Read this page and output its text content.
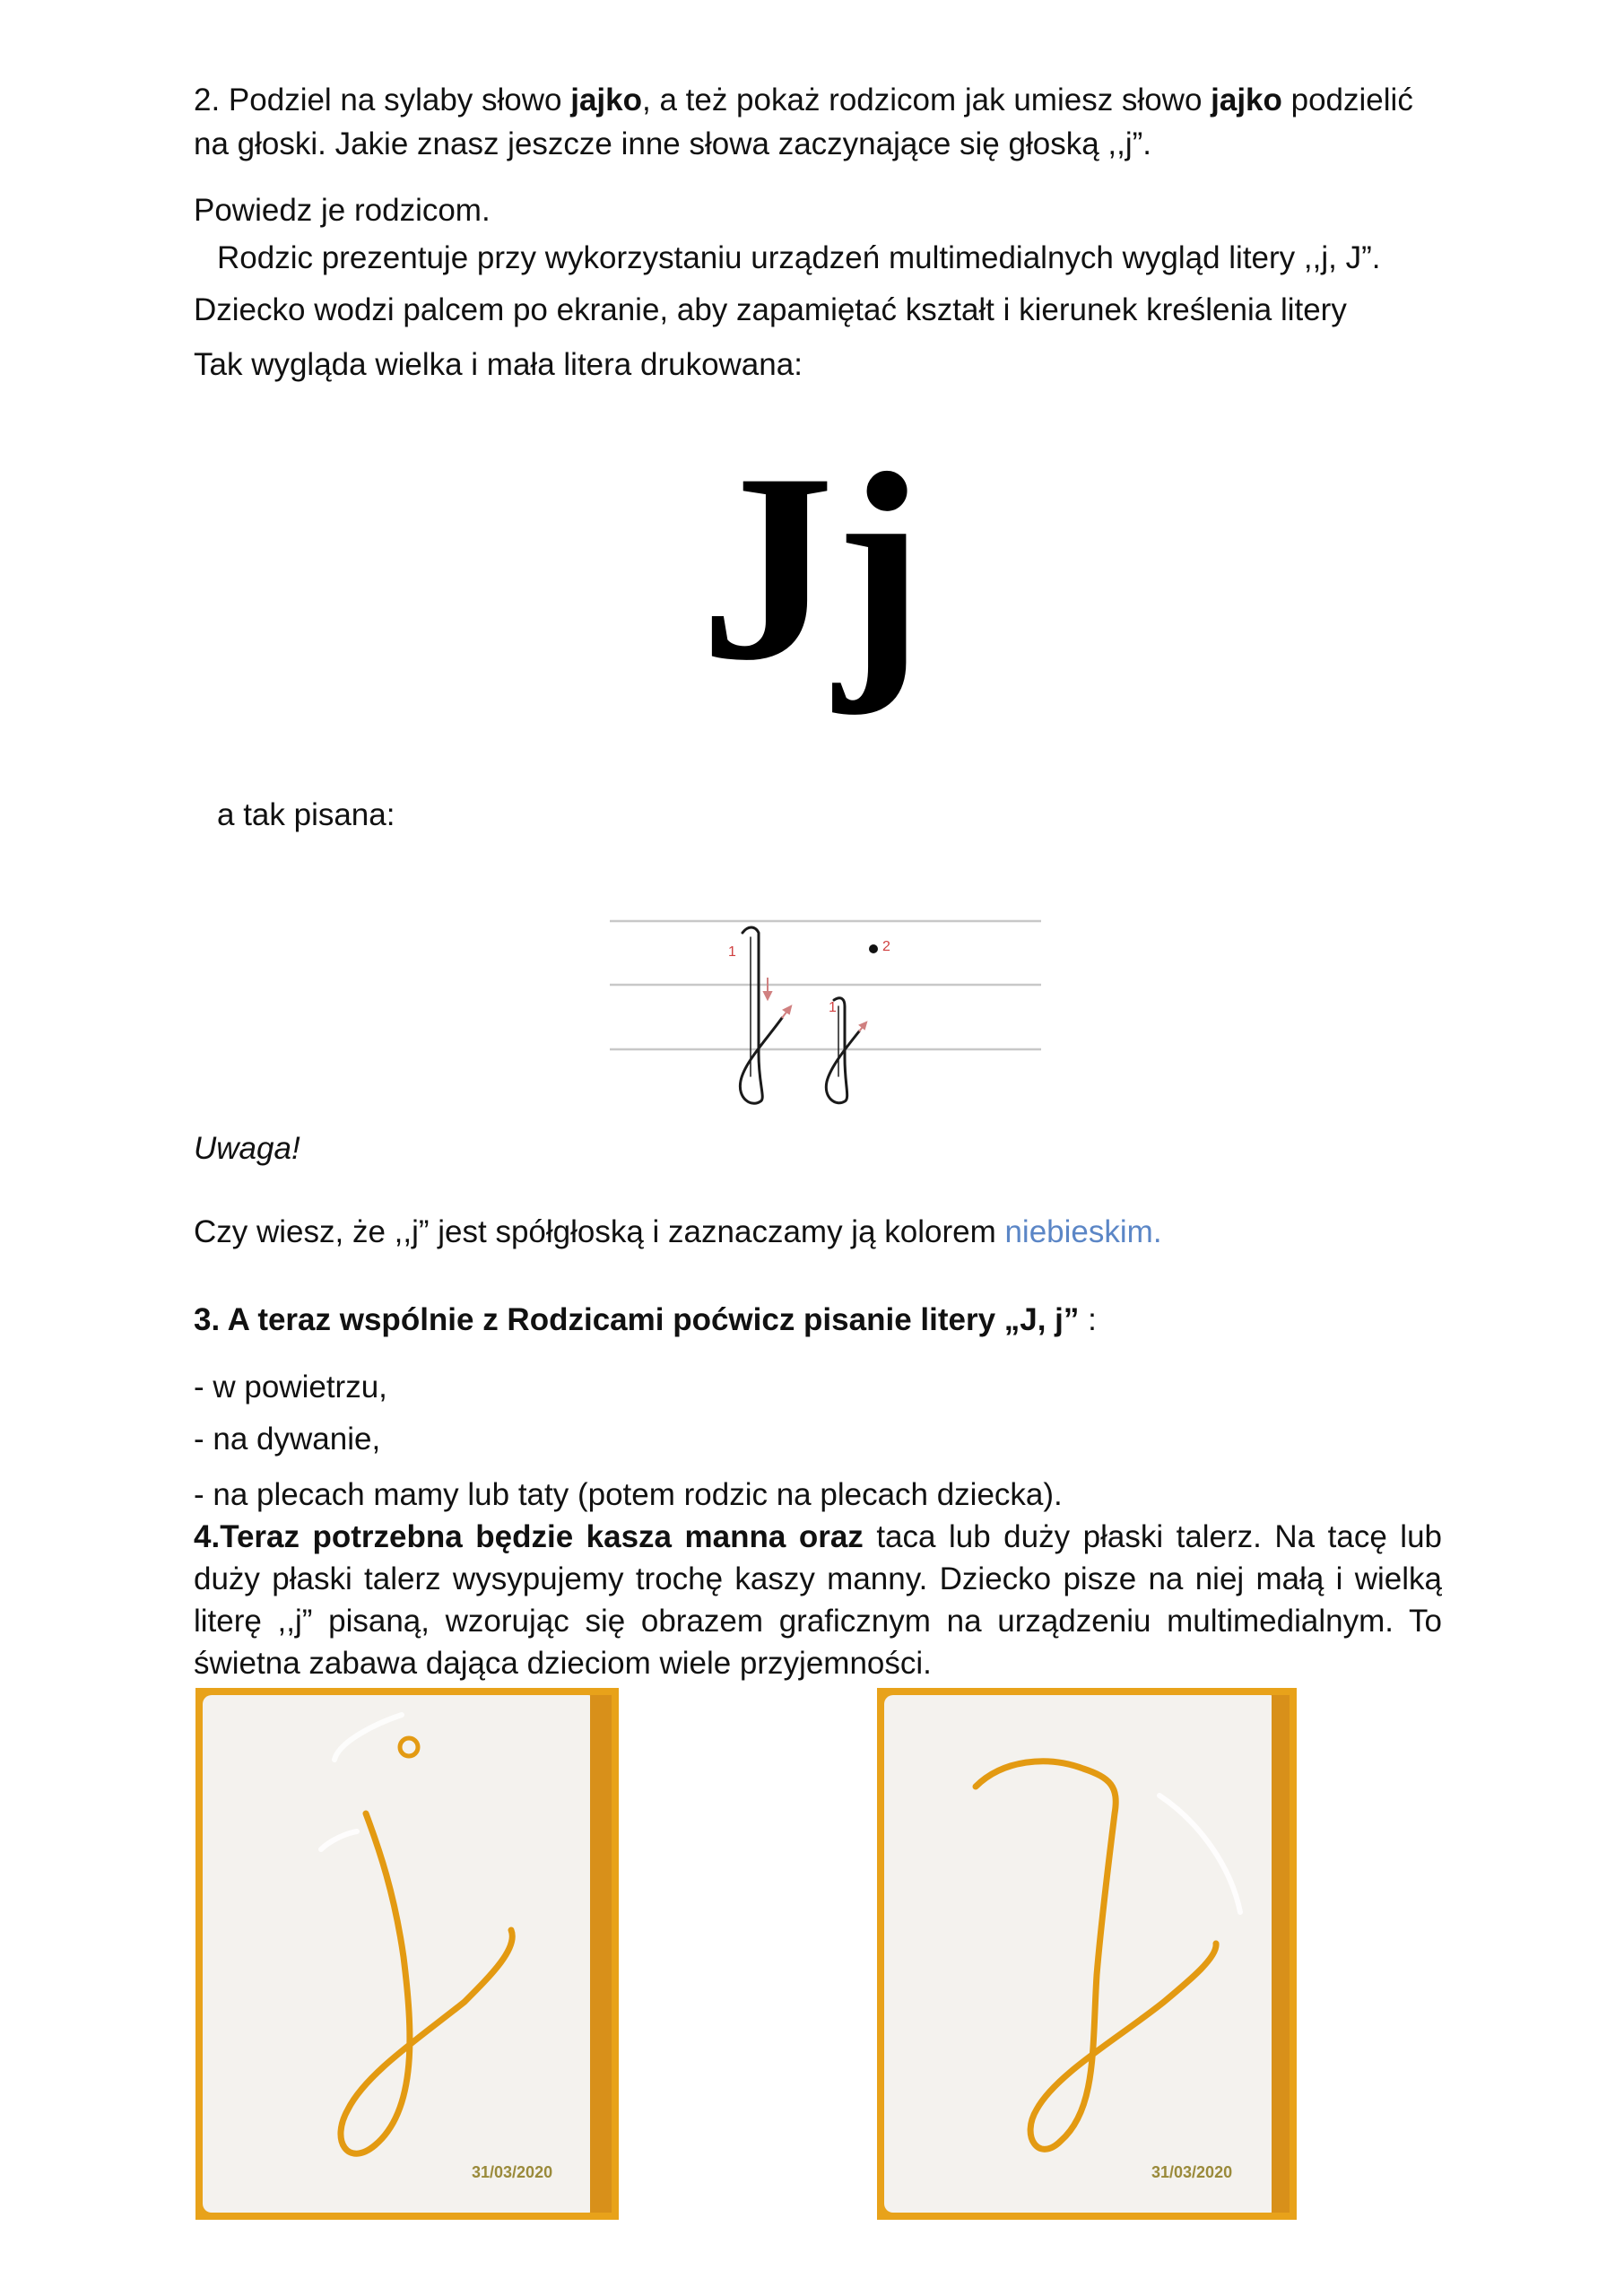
2. Podziel na sylaby słowo jajko, a też pokaż rodzicom jak umiesz słowo jajko podzielić

na głoski. Jakie znasz jeszcze inne słowa zaczynające się głoską ,,j”.

Powiedz je rodzicom.

Rodzic prezentuje przy wykorzystaniu urządzeń multimedialnych wygląd litery ,,j, J”.

Dziecko wodzi palcem po ekranie, aby zapamiętać kształt i kierunek kreślenia litery

Tak wygląda wielka i mała litera drukowana:

Jj

a tak pisana:

1
1
2

Uwaga!

Czy wiesz, że ,,j” jest spółgłoską i zaznaczamy ją kolorem niebieskim.

3. A teraz wspólnie z Rodzicami poćwicz pisanie litery „J, j” :

- w powietrzu,

- na dywanie,

- na plecach mamy lub taty (potem rodzic na plecach dziecka).

4.Teraz potrzebna będzie kasza manna oraz taca lub duży płaski talerz. Na tacę lub duży płaski talerz wysypujemy trochę kaszy manny. Dziecko pisze na niej małą i wielką literę ,,j” pisaną, wzorując się obrazem graficznym na urządzeniu multimedialnym. To świetna zabawa dająca dzieciom wiele przyjemności.

31/03/2020	31/03/2020
